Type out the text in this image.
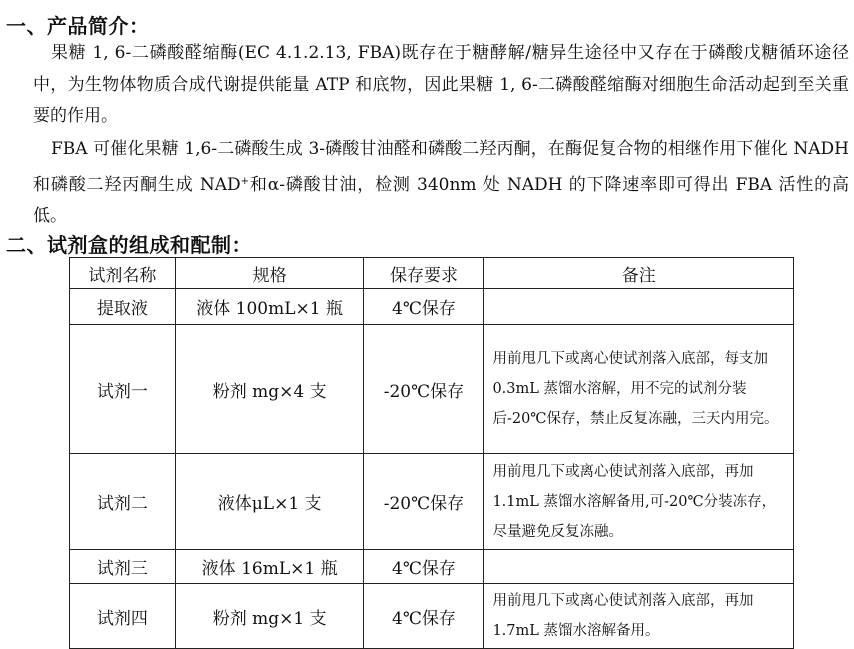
一、产品简介：

果糖 1, 6-二磷酸醛缩酶(EC 4.1.2.13, FBA)既存在于糖酵解/糖异生途径中又存在于磷酸戊糖循环途径中，为生物体物质合成代谢提供能量 ATP 和底物，因此果糖 1, 6-二磷酸醛缩酶对细胞生命活动起到至关重要的作用。

FBA 可催化果糖 1,6-二磷酸生成 3-磷酸甘油醛和磷酸二羟丙酮，在酶促复合物的相继作用下催化 NADH 和磷酸二羟丙酮生成 NAD+和α-磷酸甘油，检测 340nm 处 NADH 的下降速率即可得出 FBA 活性的高低。

二、试剂盒的组成和配制：
试剂名称	规格	保存要求	备注
提取液	液体 100mL×1 瓶	4℃保存	
试剂一	粉剂 mg×4 支	-20℃保存	用前甩几下或离心使试剂落入底部，每支加 0.3mL 蒸馏水溶解，用不完的试剂分装后-20℃保存，禁止反复冻融，三天内用完。
试剂二	液体μL×1 支	-20℃保存	用前甩几下或离心使试剂落入底部，再加 1.1mL 蒸馏水溶解备用,可-20℃分装冻存，尽量避免反复冻融。
试剂三	液体 16mL×1 瓶	4℃保存	
试剂四	粉剂 mg×1 支	4℃保存	用前甩几下或离心使试剂落入底部，再加 1.7mL 蒸馏水溶解备用。
